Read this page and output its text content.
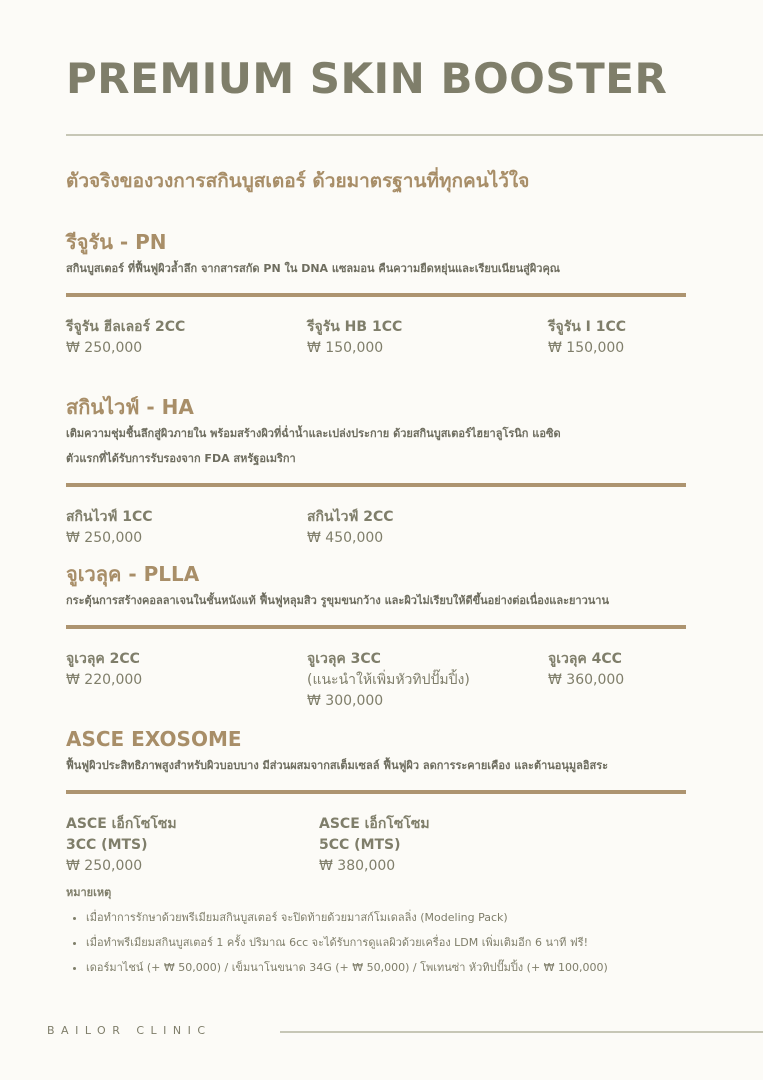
PREMIUM SKIN BOOSTER
ตัวจริงของวงการสกินบูสเตอร์ ด้วยมาตรฐานที่ทุกคนไว้ใจ
รีจูรัน - PN
สกินบูสเตอร์ ที่ฟื้นฟูผิวล้ำลึก จากสารสกัด PN ใน DNA แซลมอน คืนความยืดหยุ่นและเรียบเนียนสู่ผิวคุณ
รีจูรัน ฮีลเลอร์ 2CC
₩ 250,000
รีจูรัน HB 1CC
₩ 150,000
รีจูรัน I 1CC
₩ 150,000
สกินไวฟ์ - HA
เติมความชุ่มชื้นลึกสู่ผิวภายใน พร้อมสร้างผิวที่ฉ่ำน้ำและเปล่งประกาย ด้วยสกินบูสเตอร์ไฮยาลูโรนิก แอซิด
ตัวแรกที่ได้รับการรับรองจาก FDA สหรัฐอเมริกา
สกินไวฟ์ 1CC
₩ 250,000
สกินไวฟ์ 2CC
₩ 450,000
จูเวลุค - PLLA
กระตุ้นการสร้างคอลลาเจนในชั้นหนังแท้ ฟื้นฟูหลุมสิว รูขุมขนกว้าง และผิวไม่เรียบให้ดีขึ้นอย่างต่อเนื่องและยาวนาน
จูเวลุค 2CC
₩ 220,000
จูเวลุค 3CC
(แนะนำให้เพิ่มหัวทิปปั๊มปิ้ง)
₩ 300,000
จูเวลุค 4CC
₩ 360,000
ASCE EXOSOME
ฟื้นฟูผิวประสิทธิภาพสูงสำหรับผิวบอบบาง มีส่วนผสมจากสเต็มเซลล์ ฟื้นฟูผิว ลดการระคายเคือง และต้านอนุมูลอิสระ
ASCE เอ็กโซโซม
3CC (MTS)
₩ 250,000
ASCE เอ็กโซโซม
5CC (MTS)
₩ 380,000
หมายเหตุ
• เมื่อทำการรักษาด้วยพรีเมียมสกินบูสเตอร์ จะปิดท้ายด้วยมาสก์โมเดลลิ่ง (Modeling Pack)
• เมื่อทำพรีเมียมสกินบูสเตอร์ 1 ครั้ง ปริมาณ 6cc จะได้รับการดูแลผิวด้วยเครื่อง LDM เพิ่มเติมอีก 6 นาที ฟรี!
• เดอร์มาไชน์ (+ ₩ 50,000) / เข็มนาโนขนาด 34G (+ ₩ 50,000) / โพเทนซ่า หัวทิปปั๊มปิ้ง (+ ₩ 100,000)
BAILOR CLINIC
